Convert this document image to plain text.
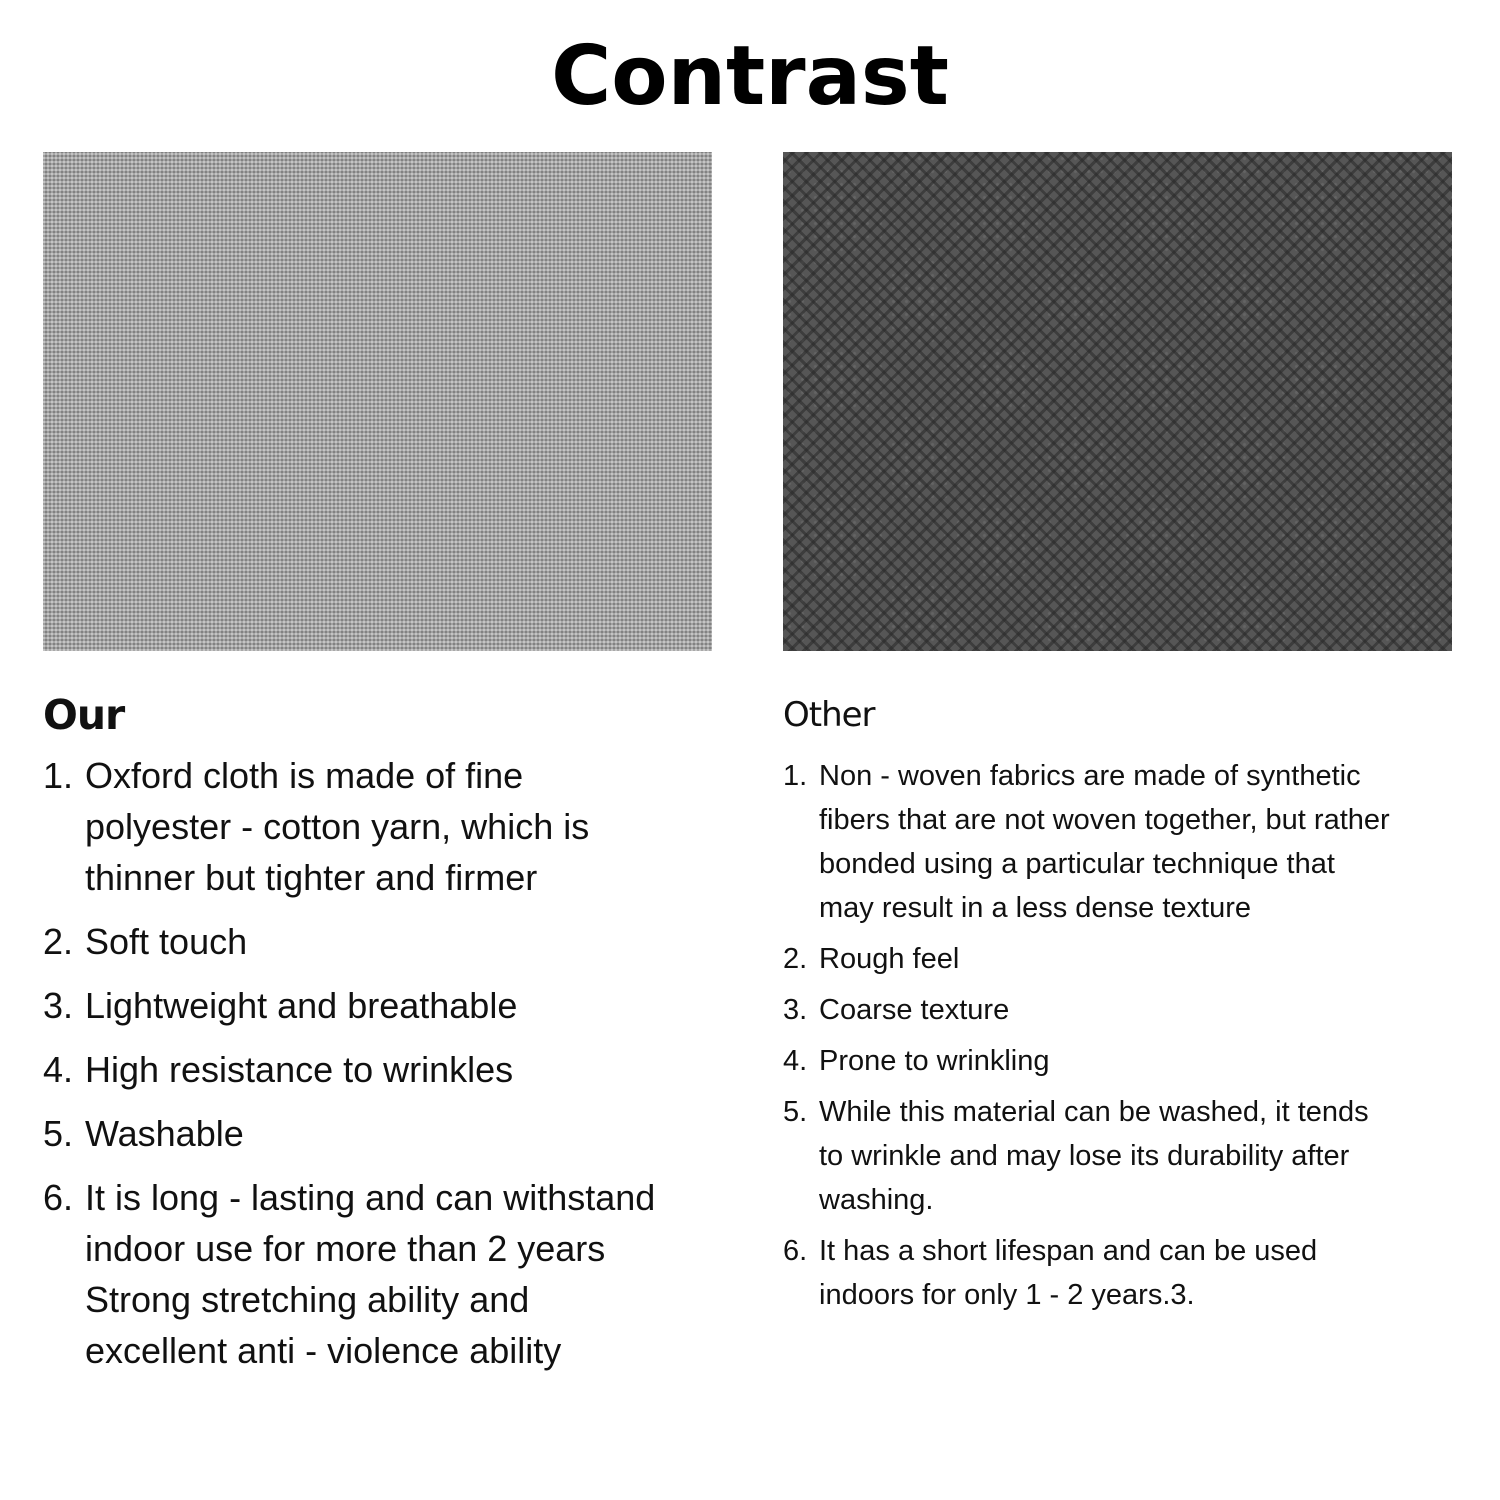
Contrast
Our
1. Oxford cloth is made of fine
polyester - cotton yarn, which is
thinner but tighter and firmer
2. Soft touch
3. Lightweight and breathable
4. High resistance to wrinkles
5. Washable
6. It is long - lasting and can withstand
indoor use for more than 2 years
Strong stretching ability and
excellent anti - violence ability
Other
1. Non - woven fabrics are made of synthetic
fibers that are not woven together, but rather
bonded using a particular technique that
may result in a less dense texture
2. Rough feel
3. Coarse texture
4. Prone to wrinkling
5. While this material can be washed, it tends
to wrinkle and may lose its durability after
washing.
6. It has a short lifespan and can be used
indoors for only 1 - 2 years.3.
